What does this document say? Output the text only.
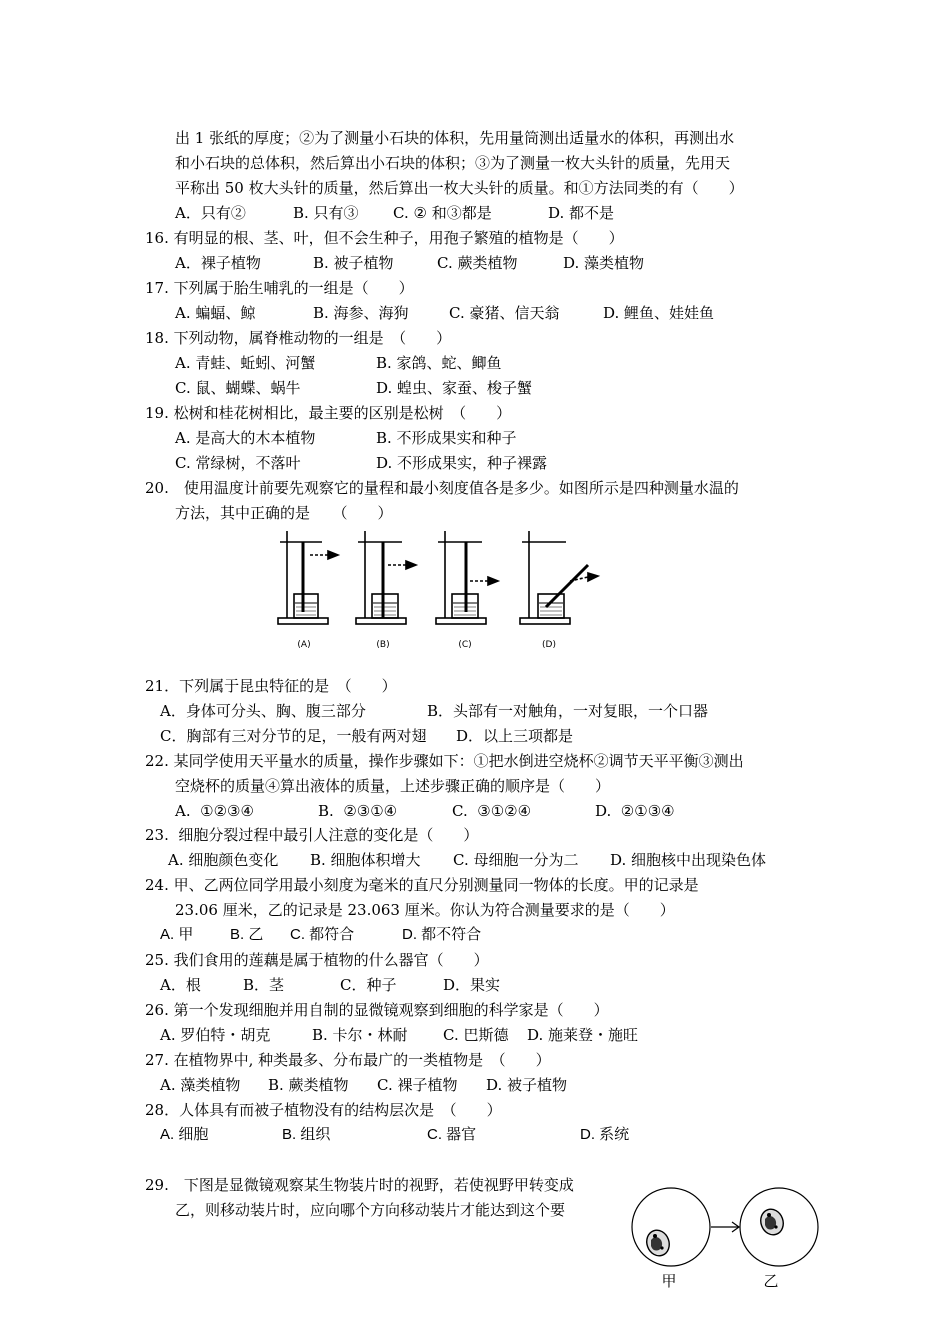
出 1 张纸的厚度；②为了测量小石块的体积，先用量筒测出适量水的体积，再测出水
和小石块的总体积，然后算出小石块的体积；③为了测量一枚大头针的质量，先用天
平称出 50 枚大头针的质量，然后算出一枚大头针的质量。和①方法同类的有（　　）
A．只有②	B. 只有③ C. ② 和③都是	D. 都不是
16. 有明显的根、茎、叶，但不会生种子，用孢子繁殖的植物是（　　）
A．裸子植物	B. 被子植物	C. 蕨类植物	D. 藻类植物
17. 下列属于胎生哺乳的一组是（　　）
A. 蝙蝠、鲸	B. 海参、海狗	C. 豪猪、信天翁	D. 鲤鱼、娃娃鱼
18. 下列动物，属脊椎动物的一组是　（　　）
A. 青蛙、蚯蚓、河蟹	B. 家鸽、蛇、鲫鱼
C. 鼠、蝴蝶、蜗牛	D. 蝗虫、家蚕、梭子蟹
19. 松树和桂花树相比，最主要的区别是松树　（　　）
A. 是高大的木本植物	B. 不形成果实和种子
C. 常绿树，不落叶	D. 不形成果实，种子裸露
20.　使用温度计前要先观察它的量程和最小刻度值各是多少。如图所示是四种测量水温的
方法，其中正确的是　　（　　）
(A)	(B)	(C)	(D)
21．下列属于昆虫特征的是　（　　）
A．身体可分头、胸、腹三部分	B．头部有一对触角，一对复眼，一个口器
C．胸部有三对分节的足，一般有两对翅 D．以上三项都是
22. 某同学使用天平量水的质量，操作步骤如下：①把水倒进空烧杯②调节天平平衡③测出
空烧杯的质量④算出液体的质量，上述步骤正确的顺序是（　　）
A.  ①②③④	B.  ②③①④	C.  ③①②④	D.  ②①③④
23.  细胞分裂过程中最引人注意的变化是（　　）
A. 细胞颜色变化 B. 细胞体积增大 C. 母细胞一分为二 D. 细胞核中出现染色体
24. 甲、乙两位同学用最小刻度为毫米的直尺分别测量同一物体的长度。甲的记录是
23.06 厘米，乙的记录是 23.063 厘米。你认为符合测量要求的是（　　）
A. 甲 B. 乙 C. 都符合	D. 都不符合
25. 我们食用的莲藕是属于植物的什么器官（　　）
A．根	B．茎	C．种子	D．果实
26. 第一个发现细胞并用自制的显微镜观察到细胞的科学家是（　　）
A. 罗伯特・胡克	B. 卡尔・林耐 C. 巴斯德 D. 施莱登・施旺
27. 在植物界中, 种类最多、分布最广的一类植物是　（　　）
A. 藻类植物 B. 蕨类植物 C. 裸子植物 D. 被子植物
28．人体具有而被子植物没有的结构层次是　（　　）
A. 细胞	B. 组织	C. 器官	D. 系统
29.　下图是显微镜观察某生物装片时的视野，若使视野甲转变成
乙，则移动装片时，应向哪个方向移动装片才能达到这个要
甲	乙
